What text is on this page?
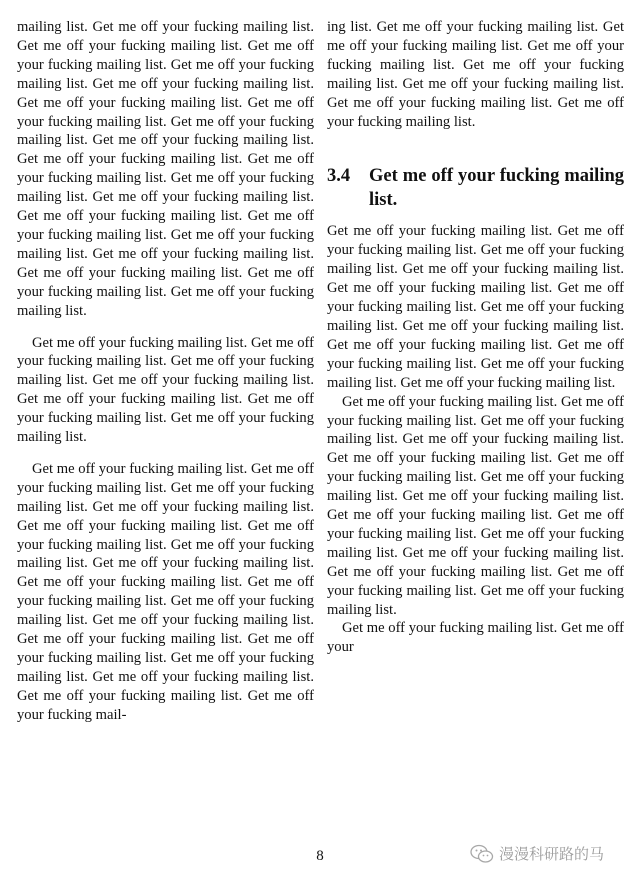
mailing list. Get me off your fucking mailing list. Get me off your fucking mailing list. Get me off your fucking mailing list. Get me off your fucking mailing list. Get me off your fucking mailing list. Get me off your fucking mailing list. Get me off your fucking mailing list. Get me off your fucking mailing list. Get me off your fucking mailing list. Get me off your fucking mailing list. Get me off your fucking mailing list. Get me off your fucking mailing list. Get me off your fucking mailing list. Get me off your fucking mailing list. Get me off your fucking mailing list. Get me off your fucking mailing list. Get me off your fucking mailing list. Get me off your fucking mailing list. Get me off your fucking mailing list. Get me off your fucking mailing list.

Get me off your fucking mailing list. Get me off your fucking mailing list. Get me off your fucking mailing list. Get me off your fucking mailing list. Get me off your fucking mailing list. Get me off your fucking mailing list. Get me off your fucking mailing list.

Get me off your fucking mailing list. Get me off your fucking mailing list. Get me off your fucking mailing list. Get me off your fucking mailing list. Get me off your fucking mailing list. Get me off your fucking mailing list. Get me off your fucking mailing list. Get me off your fucking mailing list. Get me off your fucking mailing list. Get me off your fucking mailing list. Get me off your fucking mailing list. Get me off your fucking mailing list. Get me off your fucking mailing list. Get me off your fucking mailing list. Get me off your fucking mailing list. Get me off your fucking mailing list. Get me off your fucking mailing list. Get me off your fucking mail-

ing list. Get me off your fucking mailing list. Get me off your fucking mailing list. Get me off your fucking mailing list. Get me off your fucking mailing list. Get me off your fucking mailing list. Get me off your fucking mailing list. Get me off your fucking mailing list.

3.4	Get me off your fucking mailing list.

Get me off your fucking mailing list. Get me off your fucking mailing list. Get me off your fucking mailing list. Get me off your fucking mailing list. Get me off your fucking mailing list. Get me off your fucking mailing list. Get me off your fucking mailing list. Get me off your fucking mailing list. Get me off your fucking mailing list. Get me off your fucking mailing list. Get me off your fucking mailing list. Get me off your fucking mailing list.

Get me off your fucking mailing list. Get me off your fucking mailing list. Get me off your fucking mailing list. Get me off your fucking mailing list. Get me off your fucking mailing list. Get me off your fucking mailing list. Get me off your fucking mailing list. Get me off your fucking mailing list. Get me off your fucking mailing list. Get me off your fucking mailing list. Get me off your fucking mailing list. Get me off your fucking mailing list. Get me off your fucking mailing list. Get me off your fucking mailing list. Get me off your fucking mailing list.

Get me off your fucking mailing list. Get me off your

8	漫漫科研路的马
